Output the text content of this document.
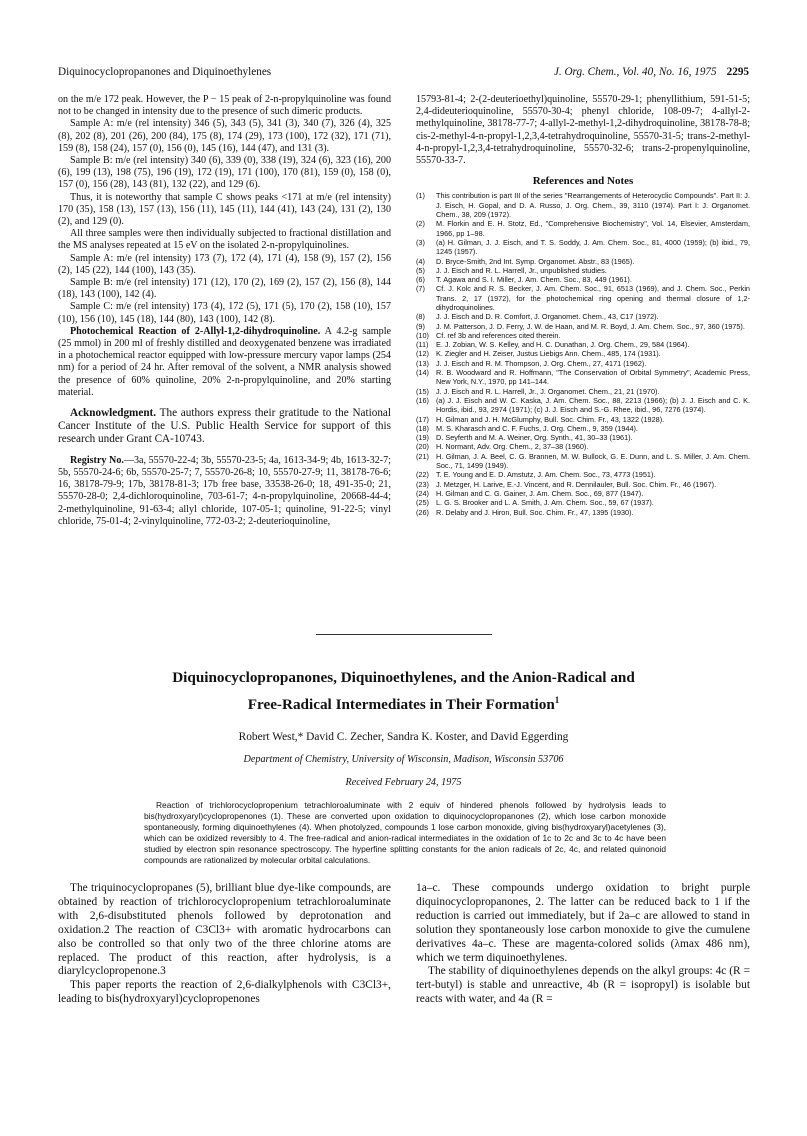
Diquinocyclopropanones and Diquinoethylenes	J. Org. Chem., Vol. 40, No. 16, 1975 2295

on the m/e 172 peak. However, the P − 15 peak of 2-n-propylquinoline was found not to be changed in intensity due to the presence of such dimeric products.

Sample A: m/e (rel intensity) 346 (5), 343 (5), 341 (3), 340 (7), 326 (4), 325 (8), 202 (8), 201 (26), 200 (84), 175 (8), 174 (29), 173 (100), 172 (32), 171 (71), 159 (8), 158 (24), 157 (0), 156 (0), 145 (16), 144 (47), and 131 (3).

Sample B: m/e (rel intensity) 340 (6), 339 (0), 338 (19), 324 (6), 323 (16), 200 (6), 199 (13), 198 (75), 196 (19), 172 (19), 171 (100), 170 (81), 159 (0), 158 (0), 157 (0), 156 (28), 143 (81), 132 (22), and 129 (6).

Thus, it is noteworthy that sample C shows peaks <171 at m/e (rel intensity) 170 (35), 158 (13), 157 (13), 156 (11), 145 (11), 144 (41), 143 (24), 131 (2), 130 (2), and 129 (0).

All three samples were then individually subjected to fractional distillation and the MS analyses repeated at 15 eV on the isolated 2-n-propylquinolines.

Sample A: m/e (rel intensity) 173 (7), 172 (4), 171 (4), 158 (9), 157 (2), 156 (2), 145 (22), 144 (100), 143 (35).

Sample B: m/e (rel intensity) 171 (12), 170 (2), 169 (2), 157 (2), 156 (8), 144 (18), 143 (100), 142 (4).

Sample C: m/e (rel intensity) 173 (4), 172 (5), 171 (5), 170 (2), 158 (10), 157 (10), 156 (10), 145 (18), 144 (80), 143 (100), 142 (8).

Photochemical Reaction of 2-Allyl-1,2-dihydroquinoline. A 4.2-g sample (25 mmol) in 200 ml of freshly distilled and deoxygenated benzene was irradiated in a photochemical reactor equipped with low-pressure mercury vapor lamps (254 nm) for a period of 24 hr. After removal of the solvent, a NMR analysis showed the presence of 60% quinoline, 20% 2-n-propylquinoline, and 20% starting material.

Acknowledgment. The authors express their gratitude to the National Cancer Institute of the U.S. Public Health Service for support of this research under Grant CA-10743.

Registry No.—3a, 55570-22-4; 3b, 55570-23-5; 4a, 1613-34-9; 4b, 1613-32-7; 5b, 55570-24-6; 6b, 55570-25-7; 7, 55570-26-8; 10, 55570-27-9; 11, 38178-76-6; 16, 38178-79-9; 17b, 38178-81-3; 17b free base, 33538-26-0; 18, 491-35-0; 21, 55570-28-0; 2,4-dichloroquinoline, 703-61-7; 4-n-propylquinoline, 20668-44-4; 2-methylquinoline, 91-63-4; allyl chloride, 107-05-1; quinoline, 91-22-5; vinyl chloride, 75-01-4; 2-vinylquinoline, 772-03-2; 2-deuterioquinoline,

15793-81-4; 2-(2-deuterioethyl)quinoline, 55570-29-1; phenyllithium, 591-51-5; 2,4-dideuterioquinoline, 55570-30-4; phenyl chloride, 108-09-7; 4-allyl-2-methylquinoline, 38178-77-7; 4-allyl-2-methyl-1,2-dihydroquinoline, 38178-78-8; cis-2-methyl-4-n-propyl-1,2,3,4-tetrahydroquinoline, 55570-31-5; trans-2-methyl-4-n-propyl-1,2,3,4-tetrahydroquinoline, 55570-32-6; trans-2-propenylquinoline, 55570-33-7.

References and Notes
(1)	This contribution is part III of the series "Rearrangements of Heterocyclic Compounds". Part II: J. J. Eisch, H. Gopal, and D. A. Russo, J. Org. Chem., 39, 3110 (1974). Part I: J. Organomet. Chem., 38, 209 (1972).
(2)	M. Florkin and E. H. Stotz, Ed., "Comprehensive Biochemistry", Vol. 14, Elsevier, Amsterdam, 1966, pp 1–98.
(3)	(a) H. Gilman, J. J. Eisch, and T. S. Soddy, J. Am. Chem. Soc., 81, 4000 (1959); (b) ibid., 79, 1245 (1957).
(4)	D. Bryce-Smith, 2nd Int. Symp. Organomet. Abstr., 83 (1965).
(5)	J. J. Eisch and R. L. Harrell, Jr., unpublished studies.
(6)	T. Agawa and S. I. Miller, J. Am. Chem. Soc., 83, 449 (1961).
(7)	Cf. J. Kolc and R. S. Becker, J. Am. Chem. Soc., 91, 6513 (1969), and J. Chem. Soc., Perkin Trans. 2, 17 (1972), for the photochemical ring opening and thermal closure of 1,2-dihydroquinolines.
(8)	J. J. Eisch and D. R. Comfort, J. Organomet. Chem., 43, C17 (1972).
(9)	J. M. Patterson, J. D. Ferry, J. W. de Haan, and M. R. Boyd, J. Am. Chem. Soc., 97, 360 (1975).
(10) Cf. ref 3b and references cited therein.
(11)	E. J. Zobian, W. S. Kelley, and H. C. Dunathan, J. Org. Chem., 29, 584 (1964).
(12) K. Ziegler and H. Zeiser, Justus Liebigs Ann. Chem., 485, 174 (1931).
(13) J. J. Eisch and R. M. Thompson, J. Org. Chem., 27, 4171 (1962).
(14) R. B. Woodward and R. Hoffmann, "The Conservation of Orbital Symmetry", Academic Press, New York, N.Y., 1970, pp 141–144.
(15) J. J. Eisch and R. L. Harrell, Jr., J. Organomet. Chem., 21, 21 (1970).
(16) (a) J. J. Eisch and W. C. Kaska, J. Am. Chem. Soc., 88, 2213 (1966); (b) J. J. Eisch and C. K. Hordis, ibid., 93, 2974 (1971); (c) J. J. Eisch and S.-G. Rhee, ibid., 96, 7276 (1974).
(17) H. Gilman and J. H. McGlumphy, Bull. Soc. Chim. Fr., 43, 1322 (1928).
(18) M. S. Kharasch and C. F. Fuchs, J. Org. Chem., 9, 359 (1944).
(19) D. Seyferth and M. A. Weiner, Org. Synth., 41, 30–33 (1961).
(20) H. Normant, Adv. Org. Chem., 2, 37–38 (1960).
(21) H. Gilman, J. A. Beel, C. G. Brannen, M. W. Bullock, G. E. Dunn, and L. S. Miller, J. Am. Chem. Soc., 71, 1499 (1949).
(22) T. E. Young and E. D. Amstutz, J. Am. Chem. Soc., 73, 4773 (1951).
(23) J. Metzger, H. Larive, E.-J. Vincent, and R. Dennilauler, Bull. Soc. Chim. Fr., 46 (1967).
(24) H. Gilman and C. G. Gainer, J. Am. Chem. Soc., 69, 877 (1947).
(25) L. G. S. Brooker and L. A. Smith, J. Am. Chem. Soc., 59, 67 (1937).
(26) R. Delaby and J. Hiron, Bull. Soc. Chim. Fr., 47, 1395 (1930).
Diquinocyclopropanones, Diquinoethylenes, and the Anion-Radical and
Free-Radical Intermediates in Their Formation$^1$
Robert West,* David C. Zecher, Sandra K. Koster, and David Eggerding
Department of Chemistry, University of Wisconsin, Madison, Wisconsin 53706
Received February 24, 1975

Reaction of trichlorocyclopropenium tetrachloroaluminate with 2 equiv of hindered phenols followed by hydrolysis leads to bis(hydroxyaryl)cyclopropenones (1). These are converted upon oxidation to diquinocyclopropanones (2), which lose carbon monoxide spontaneously, forming diquinoethylenes (4). When photolyzed, compounds 1 lose carbon monoxide, giving bis(hydroxyaryl)acetylenes (3), which can be oxidized reversibly to 4. The free-radical and anion-radical intermediates in the oxidation of 1c to 2c and 3c to 4c have been studied by electron spin resonance spectroscopy. The hyperfine splitting constants for the anion radicals of 2c, 4c, and related quinonoid compounds are rationalized by molecular orbital calculations.

The triquinocyclopropanes (5), brilliant blue dye-like compounds, are obtained by reaction of trichlorocyclopropenium tetrachloroaluminate with 2,6-disubstituted phenols followed by deprotonation and oxidation.2 The reaction of C3Cl3+ with aromatic hydrocarbons can also be controlled so that only two of the three chlorine atoms are replaced. The product of this reaction, after hydrolysis, is a diarylcyclopropenone.3

This paper reports the reaction of 2,6-dialkylphenols with C3Cl3+, leading to bis(hydroxyaryl)cyclopropenones

1a–c. These compounds undergo oxidation to bright purple diquinocyclopropanones, 2. The latter can be reduced back to 1 if the reduction is carried out immediately, but if 2a–c are allowed to stand in solution they spontaneously lose carbon monoxide to give the cumulene derivatives 4a–c. These are magenta-colored solids (λmax 486 nm), which we term diquinoethylenes.

The stability of diquinoethylenes depends on the alkyl groups: 4c (R = tert-butyl) is stable and unreactive, 4b (R = isopropyl) is isolable but reacts with water, and 4a (R =
